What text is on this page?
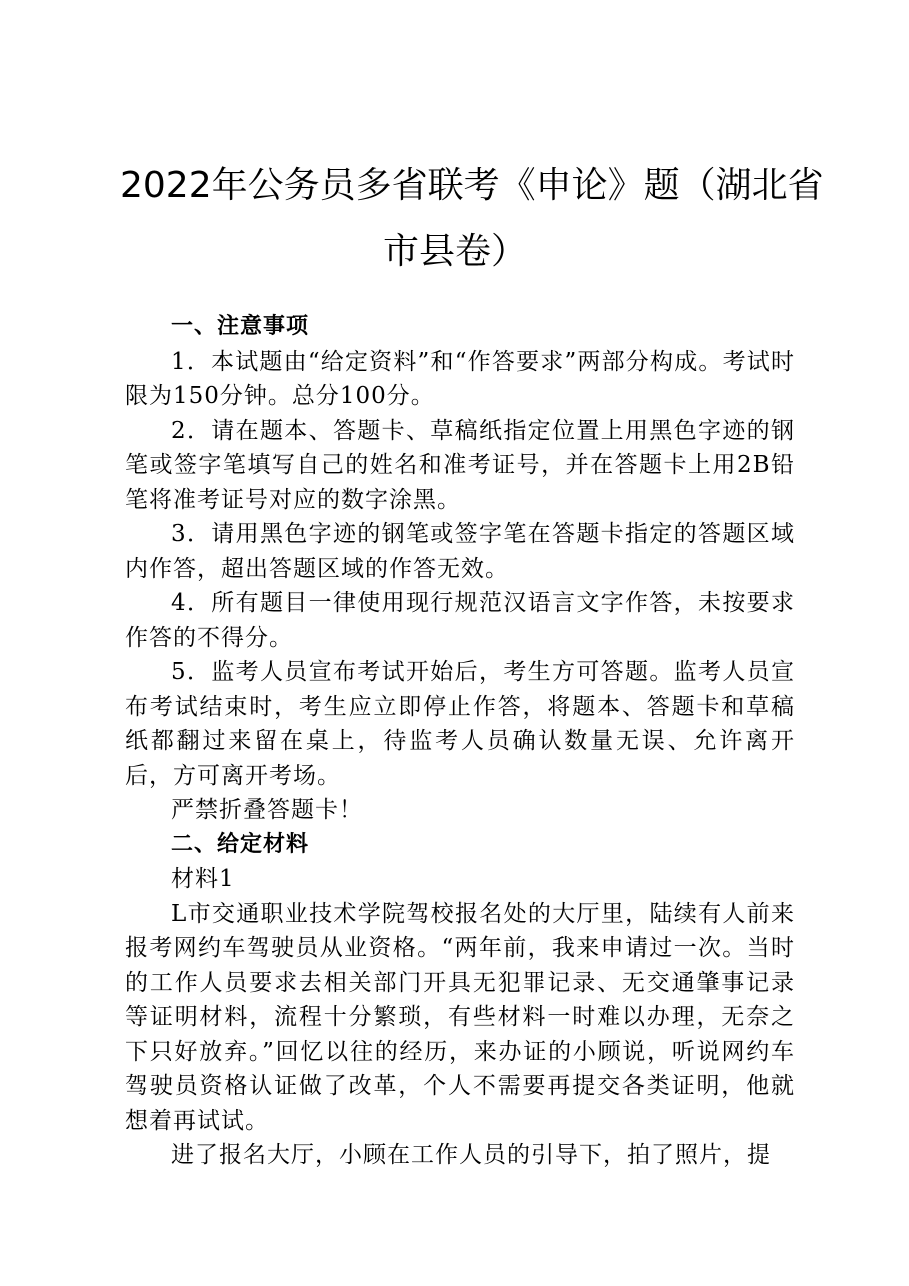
2022年公务员多省联考《申论》题（湖北省
市县卷）

一、注意事项

1．本试题由“给定资料”和“作答要求”两部分构成。考试时限为150分钟。总分100分。

2．请在题本、答题卡、草稿纸指定位置上用黑色字迹的钢笔或签字笔填写自己的姓名和准考证号，并在答题卡上用2B铅笔将准考证号对应的数字涂黑。

3．请用黑色字迹的钢笔或签字笔在答题卡指定的答题区域内作答，超出答题区域的作答无效。

4．所有题目一律使用现行规范汉语言文字作答，未按要求作答的不得分。

5．监考人员宣布考试开始后，考生方可答题。监考人员宣布考试结束时，考生应立即停止作答，将题本、答题卡和草稿纸都翻过来留在桌上，待监考人员确认数量无误、允许离开后，方可离开考场。

严禁折叠答题卡！

二、给定材料

材料1

L市交通职业技术学院驾校报名处的大厅里，陆续有人前来报考网约车驾驶员从业资格。“两年前，我来申请过一次。当时的工作人员要求去相关部门开具无犯罪记录、无交通肇事记录等证明材料，流程十分繁琐，有些材料一时难以办理，无奈之下只好放弃。”回忆以往的经历，来办证的小顾说，听说网约车驾驶员资格认证做了改革，个人不需要再提交各类证明，他就想着再试试。

进了报名大厅，小顾在工作人员的引导下，拍了照片，提
